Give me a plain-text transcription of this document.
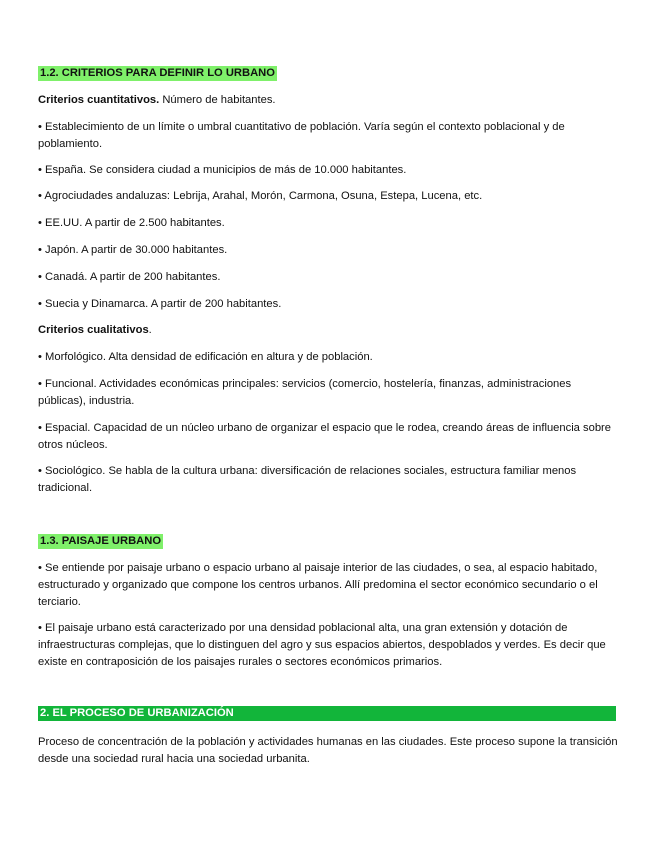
1.2. CRITERIOS PARA DEFINIR LO URBANO
Criterios cuantitativos. Número de habitantes.
• Establecimiento de un límite o umbral cuantitativo de población. Varía según el contexto poblacional y de poblamiento.
• España. Se considera ciudad a municipios de más de 10.000 habitantes.
• Agrociudades andaluzas: Lebrija, Arahal, Morón, Carmona, Osuna, Estepa, Lucena, etc.
• EE.UU. A partir de 2.500 habitantes.
• Japón. A partir de 30.000 habitantes.
• Canadá. A partir de 200 habitantes.
• Suecia y Dinamarca. A partir de 200 habitantes.
Criterios cualitativos.
• Morfológico. Alta densidad de edificación en altura y de población.
• Funcional. Actividades económicas principales: servicios (comercio, hostelería, finanzas, administraciones públicas), industria.
• Espacial. Capacidad de un núcleo urbano de organizar el espacio que le rodea, creando áreas de influencia sobre otros núcleos.
• Sociológico. Se habla de la cultura urbana: diversificación de relaciones sociales, estructura familiar menos tradicional.
1.3. PAISAJE URBANO
• Se entiende por paisaje urbano o espacio urbano al paisaje interior de las ciudades, o sea, al espacio habitado, estructurado y organizado que compone los centros urbanos. Allí predomina el sector económico secundario o el terciario.
• El paisaje urbano está caracterizado por una densidad poblacional alta, una gran extensión y dotación de infraestructuras complejas, que lo distinguen del agro y sus espacios abiertos, despoblados y verdes. Es decir que existe en contraposición de los paisajes rurales o sectores económicos primarios.
2. EL PROCESO DE URBANIZACIÓN
Proceso de concentración de la población y actividades humanas en las ciudades. Este proceso supone la transición desde una sociedad rural hacia una sociedad urbanita.
